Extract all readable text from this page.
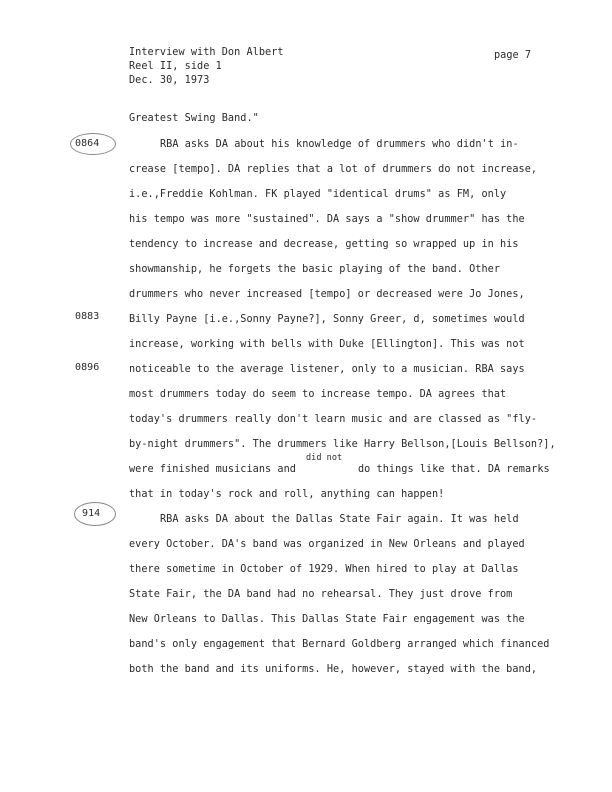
Interview with Don Albert
Reel II, side 1
Dec. 30, 1973
page 7
0864
0883
0896
914
Greatest Swing Band."
RBA asks DA about his knowledge of drummers who didn't in-
crease [tempo]. DA replies that a lot of drummers do not increase,
i.e.,Freddie Kohlman. FK played "identical drums" as FM, only
his tempo was more "sustained". DA says a "show drummer" has the
tendency to increase and decrease, getting so wrapped up in his
showmanship, he forgets the basic playing of the band. Other
drummers who never increased [tempo] or decreased were Jo Jones,
Billy Payne [i.e.,Sonny Payne?], Sonny Greer, d, sometimes would
increase, working with bells with Duke [Ellington]. This was not
noticeable to the average listener, only to a musician. RBA says
most drummers today do seem to increase tempo. DA agrees that
today's drummers really don't learn music and are classed as "fly-
by-night drummers". The drummers like Harry Bellson,[Louis Bellson?],
did not
were finished musicians and	do things like that. DA remarks
that in today's rock and roll, anything can happen!
RBA asks DA about the Dallas State Fair again. It was held
every October. DA's band was organized in New Orleans and played
there sometime in October of 1929. When hired to play at Dallas
State Fair, the DA band had no rehearsal. They just drove from
New Orleans to Dallas. This Dallas State Fair engagement was the
band's only engagement that Bernard Goldberg arranged which financed
both the band and its uniforms. He, however, stayed with the band,
